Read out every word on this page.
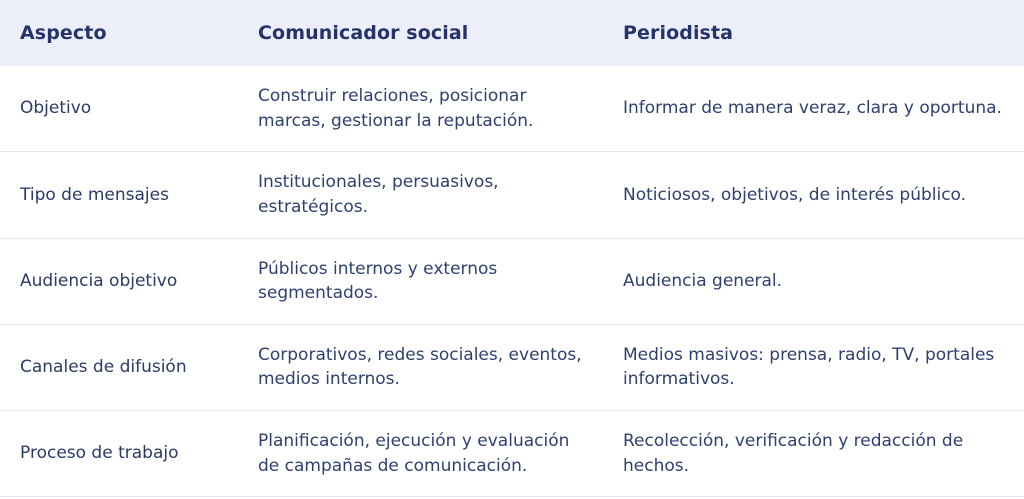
Aspecto	Comunicador social	Periodista

Objetivo	Construir relaciones, posicionar marcas, gestionar la reputación.	Informar de manera veraz, clara y oportuna.

Tipo de mensajes	Institucionales, persuasivos, estratégicos.	Noticiosos, objetivos, de interés público.

Audiencia objetivo	Públicos internos y externos segmentados.	Audiencia general.

Canales de difusión	Corporativos, redes sociales, eventos, medios internos.	Medios masivos: prensa, radio, TV, portales informativos.

Proceso de trabajo	Planificación, ejecución y evaluación de campañas de comunicación.	Recolección, verificación y redacción de hechos.
